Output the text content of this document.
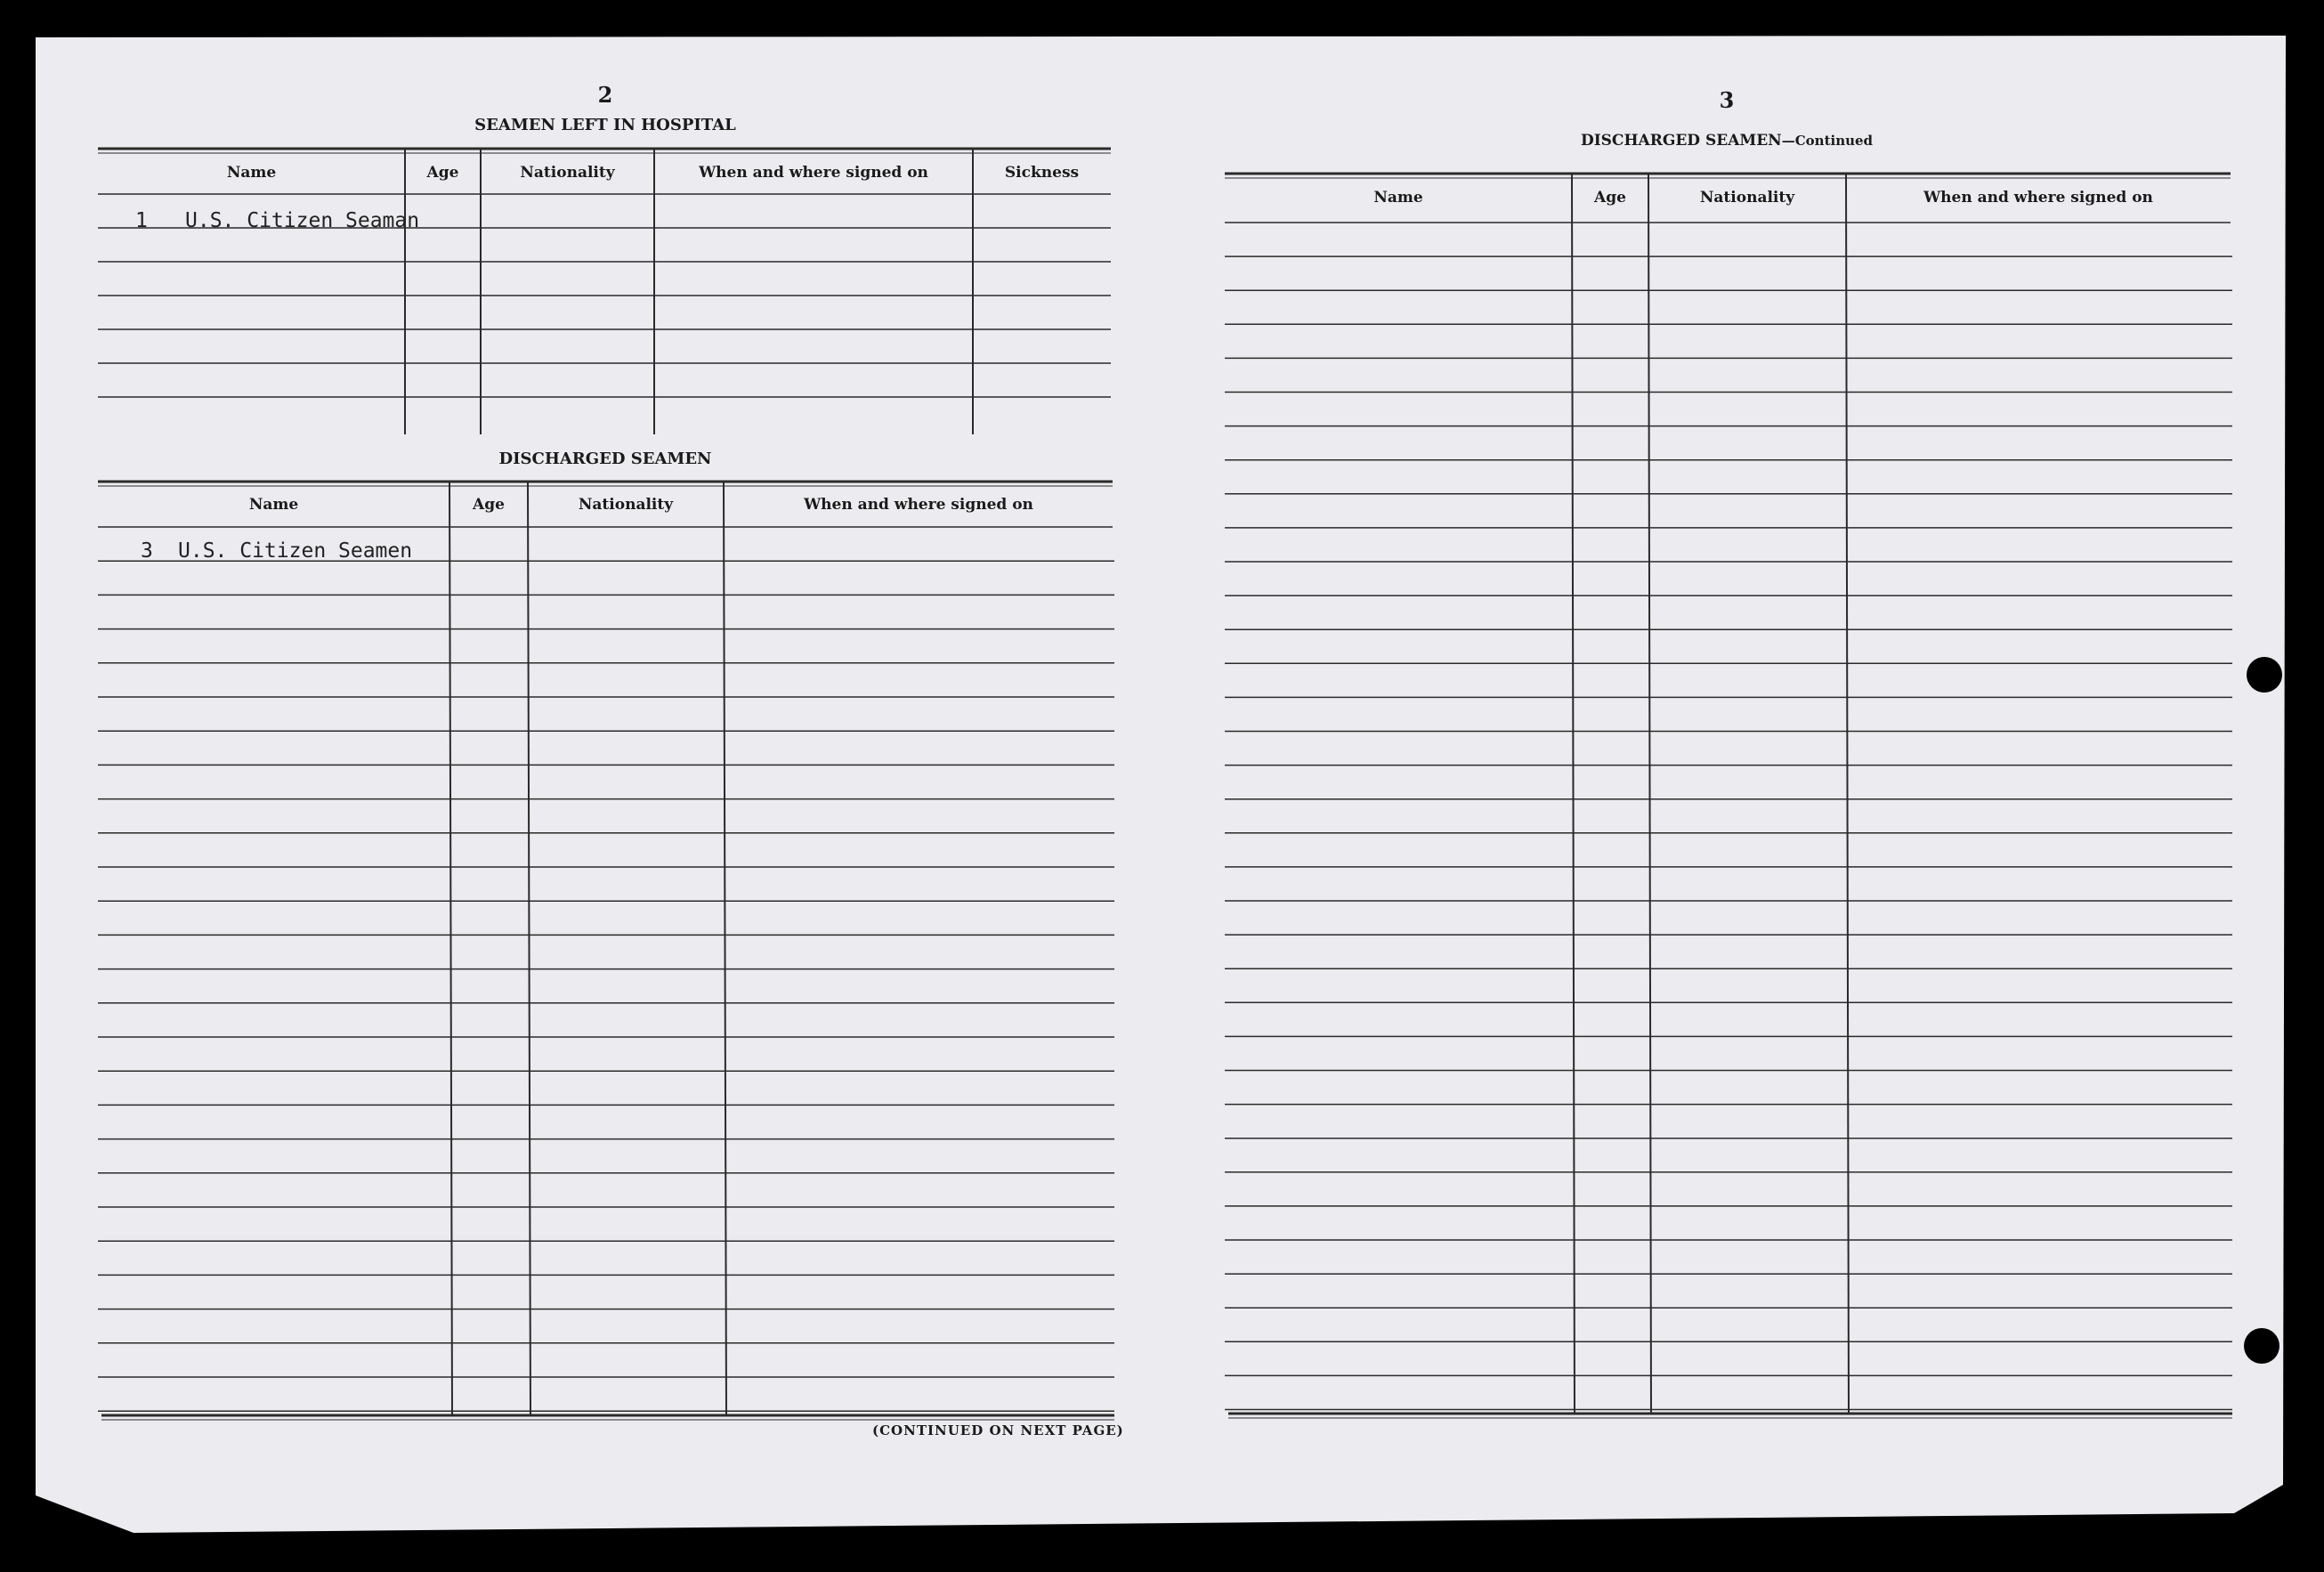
2
SEAMEN LEFT IN HOSPITAL
Name	Age	Nationality	When and where signed on	Sickness
1 U.S. Citizen Seaman
DISCHARGED SEAMEN
Name	Age	Nationality	When and where signed on
3 U.S. Citizen Seamen
(CONTINUED ON NEXT PAGE)
3
DISCHARGED SEAMEN—Continued
Name	Age	Nationality	When and where signed on
